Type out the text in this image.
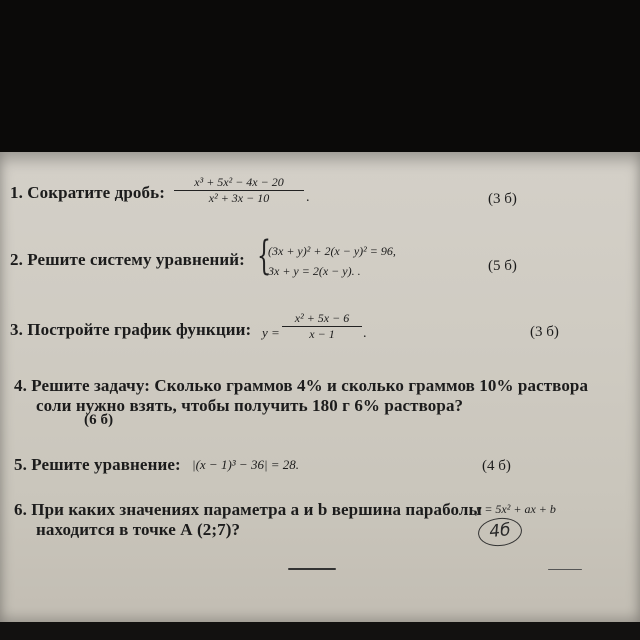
1. Сократите дробь:
x³ + 5x² − 4x − 20
x² + 3x − 10	.	(3 б)
2. Решите систему уравнений: {
(3x + y)² + 2(x − y)² = 96,
3x + y = 2(x − y). .	(5 б)
3. Постройте график функции: y =
x² + 5x − 6
x − 1 .	(3 б)
4. Решите задачу: Сколько граммов 4% и сколько граммов 10% раствора
соли нужно взять, чтобы получить 180 г 6% раствора?
(6 б)
5. Решите уравнение: |(x − 1)³ − 36| = 28.	(4 б)
6. При каких значениях параметра a и b вершина параболы
y = 5x² + ax + b
находится в точке А (2;7)?	4б
